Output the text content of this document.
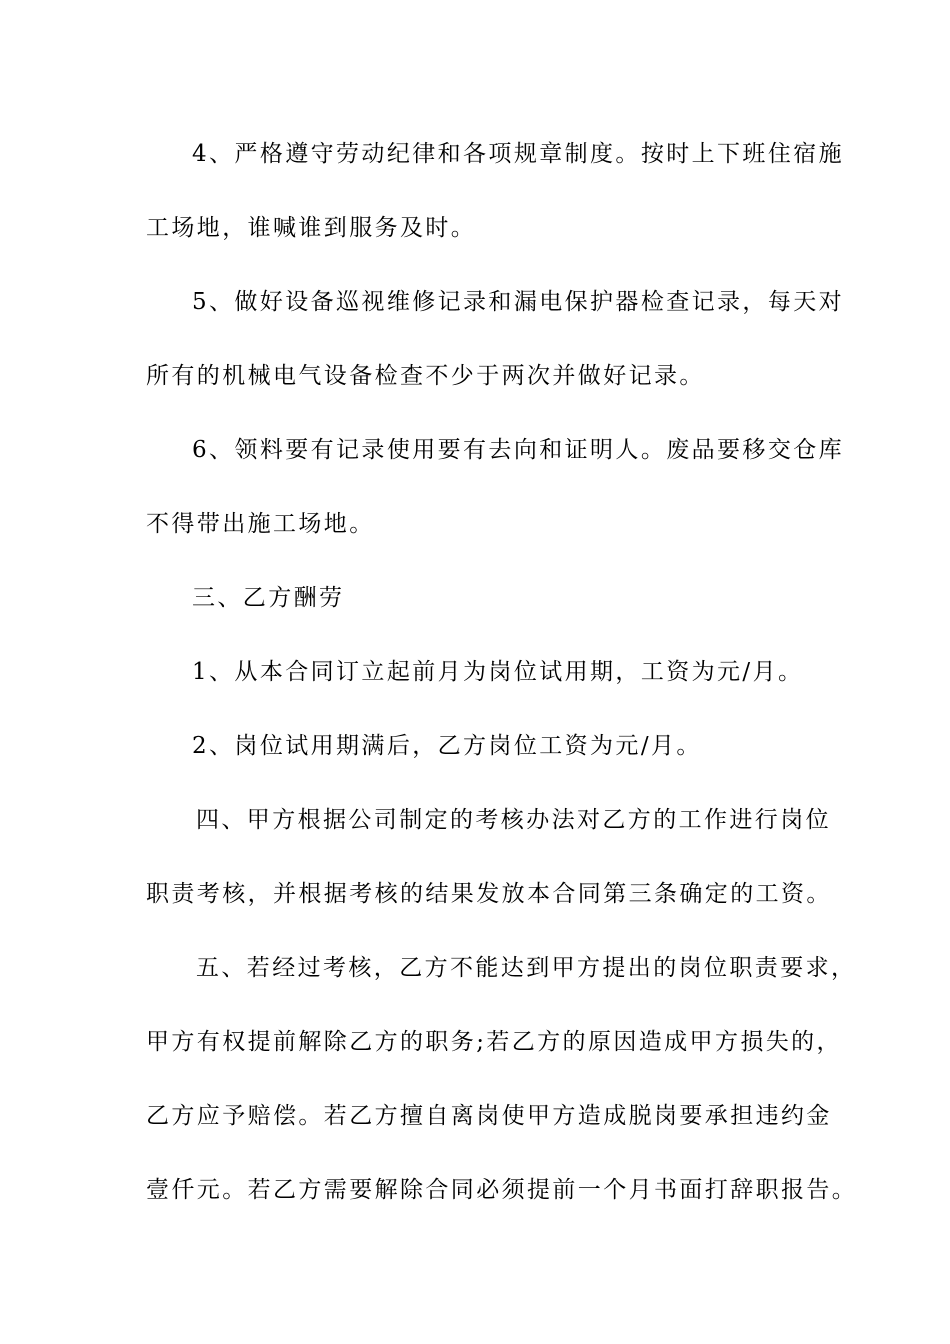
4、严格遵守劳动纪律和各项规章制度。按时上下班住宿施
工场地，谁喊谁到服务及时。
5、做好设备巡视维修记录和漏电保护器检查记录，每天对
所有的机械电气设备检查不少于两次并做好记录。
6、领料要有记录使用要有去向和证明人。废品要移交仓库
不得带出施工场地。
三、乙方酬劳
1、从本合同订立起前月为岗位试用期，工资为元/月。
2、岗位试用期满后，乙方岗位工资为元/月。
四、甲方根据公司制定的考核办法对乙方的工作进行岗位
职责考核，并根据考核的结果发放本合同第三条确定的工资。
五、若经过考核，乙方不能达到甲方提出的岗位职责要求，
甲方有权提前解除乙方的职务;若乙方的原因造成甲方损失的，
乙方应予赔偿。若乙方擅自离岗使甲方造成脱岗要承担违约金
壹仟元。若乙方需要解除合同必须提前一个月书面打辞职报告。
